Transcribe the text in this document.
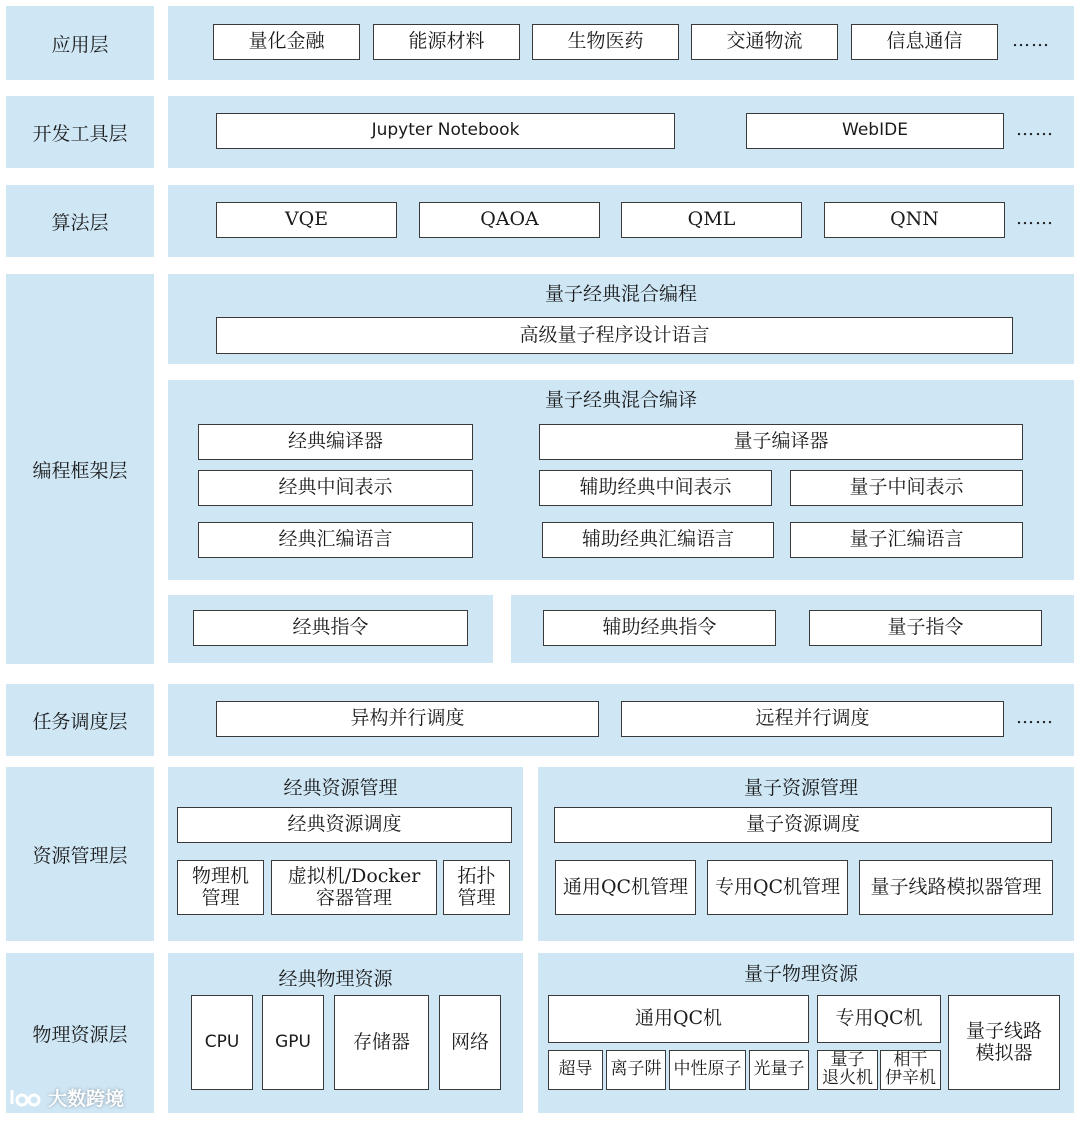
应用层
开发工具层
算法层
编程框架层
任务调度层
资源管理层
物理资源层
量化金融	能源材料	生物医药	交通物流	信息通信	……
Jupyter Notebook	WebIDE	……
VQE	QAOA	QML	QNN	……
量子经典混合编程
高级量子程序设计语言
量子经典混合编译
经典编译器	量子编译器
经典中间表示	辅助经典中间表示	量子中间表示
经典汇编语言	辅助经典汇编语言	量子汇编语言
经典指令	辅助经典指令	量子指令
异构并行调度	远程并行调度	……
经典资源管理
经典资源调度
物理机
管理
虚拟机/Docker
容器管理
拓扑
管理
量子资源管理
量子资源调度
通用QC机管理	专用QC机管理	量子线路模拟器管理
经典物理资源
CPU	GPU	存储器	网络
量子物理资源
通用QC机	专用QC机
量子线路
模拟器
超导	离子阱 中性原子 光量子 量子
退火机
相干
伊辛机
大数跨境
